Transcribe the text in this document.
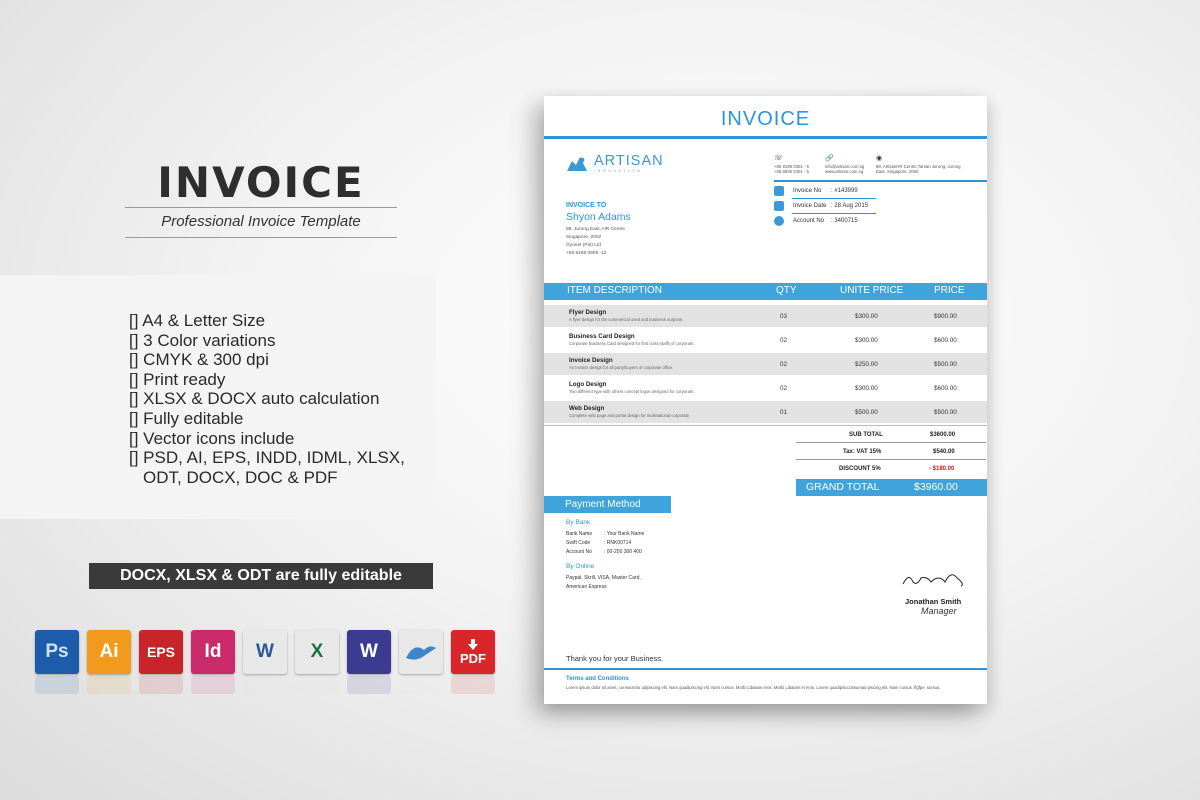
INVOICE
Professional Invoice Template
[] A4 & Letter Size
[] 3 Color variations
[] CMYK & 300 dpi
[] Print ready
[] XLSX & DOCX auto calculation
[] Fully editable
[] Vector icons include
[] PSD, AI, EPS, INDD, IDML, XLSX,
ODT, DOCX, DOC & PDF
DOCX, XLSX & ODT are fully editable
Ps Ai EPS Id W X W	PDF
INVOICE
ARTISAN
INNOVATION
☏
+65 8198 0301 - 5
+65 8835 0401 - 5
🔗
info@artisan.com.sg
www.artisan.com.sg
◉
88, ArtisanHR Centre,Taman Jurong, Jurong
East, Singapore, 2002
Invoice No	: #143999
Invoice Date : 28 Aug 2015
Account No	: 3400715
INVOICE TO
Shyon Adams
88, Jurong East, HR Centre
Singapore, 2002
Gyonet (Pvt) Ltd
+65 8198 0909 -12
ITEM DESCRIPTION	QTY	UNITE PRICE	PRICE
Flyer Design
A flyer design for the commercial used and business ourpose.	03	$300.00	$900.00
Business Card Design
Corporate Business Card designed for first class staffs of corporate.	02	$300.00	$600.00
Invoice Design
An Invoice design for all party/buyers of corporate office.	02	$250.00	$500.00
Logo Design
Two different type with others concept logos designed for corporate.	02	$300.00	$600.00
Web Design
Complete web page and portal design for multinational corporate.	01	$500.00	$500.00
SUB TOTAL	$3600.00
Tax: VAT 15%	$540.00
DISCOUNT 5%	- $180.00
GRAND TOTAL	$3960.00
Payment Method
By Bank
Bank Name : Your Bank Name
Swift Code	: RNK00714
Account No : 00-200 300 400
By Online
Paypal, Skrill, VISA, Master Card,
American Express
Jonathan Smith
Manager
Thank you for your Business.
Terms and Conditions
Lorem ipsum dolor sit amet, consectetur adipiscing elit. Nam quadipiscing elit. Nam cursus. Morbi Libalam eros. Morbi Libalam et eros. Lorem quadipiscconsumad piscing elit. Nam cursus. ffgfpe. sursus.
